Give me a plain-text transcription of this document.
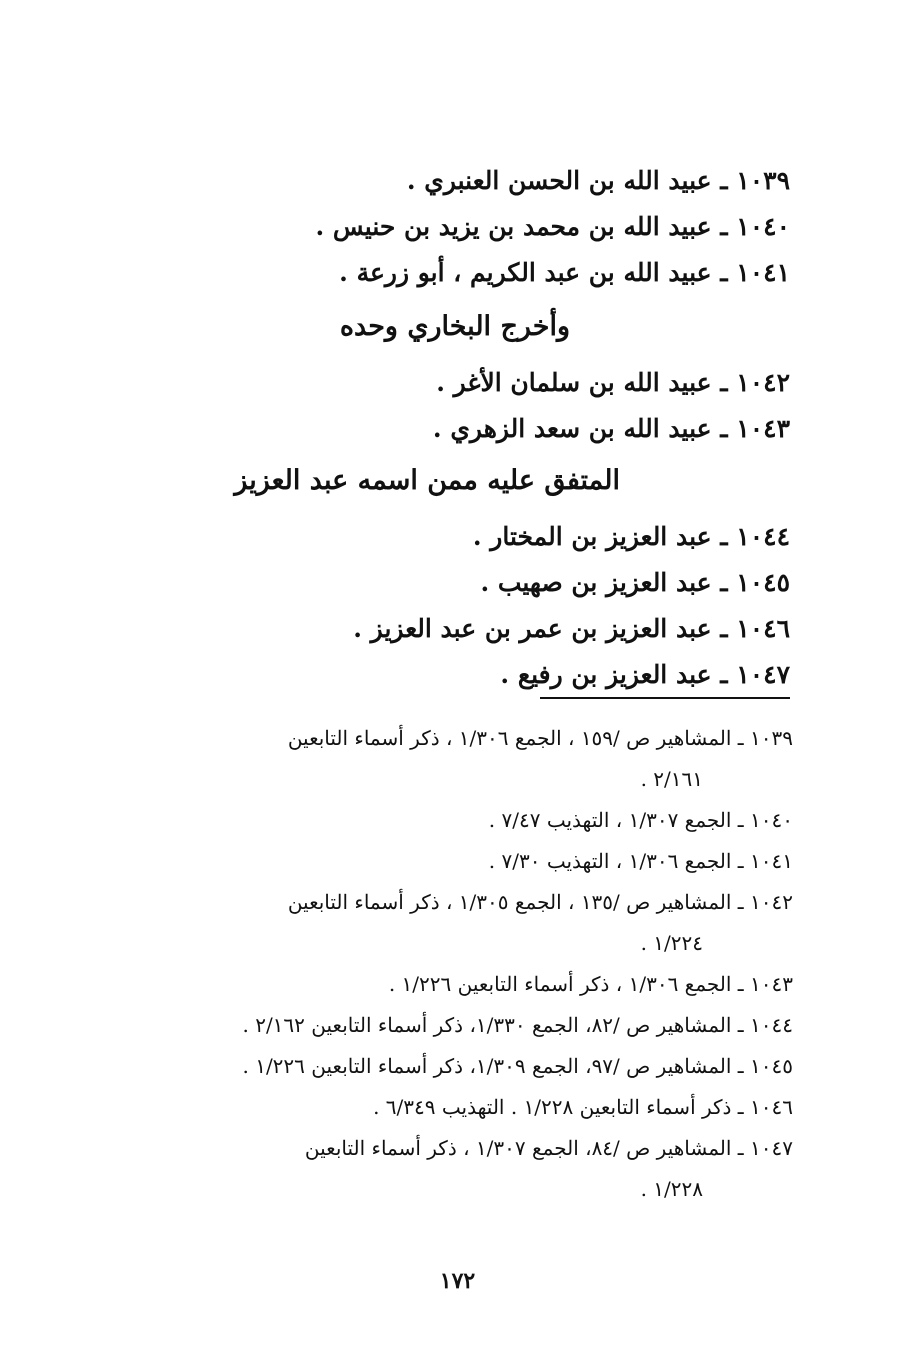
١٠٣٩ ـ عبيد الله بن الحسن العنبري .
١٠٤٠ ـ عبيد الله بن محمد بن يزيد بن حنيس .
١٠٤١ ـ عبيد الله بن عبد الكريم ، أبو زرعة .
وأخرج البخاري وحده
١٠٤٢ ـ عبيد الله بن سلمان الأغر .
١٠٤٣ ـ عبيد الله بن سعد الزهري .
المتفق عليه ممن اسمه عبد العزيز
١٠٤٤ ـ عبد العزيز بن المختار .
١٠٤٥ ـ عبد العزيز بن صهيب .
١٠٤٦ ـ عبد العزيز بن عمر بن عبد العزيز .
١٠٤٧ ـ عبد العزيز بن رفيع .
١٠٣٩ ـ المشاهير ص /١٥٩ ، الجمع ١/٣٠٦ ، ذكر أسماء التابعين
٢/١٦١ .
١٠٤٠ ـ الجمع ١/٣٠٧ ، التهذيب ٧/٤٧ .
١٠٤١ ـ الجمع ١/٣٠٦ ، التهذيب ٧/٣٠ .
١٠٤٢ ـ المشاهير ص /١٣٥ ، الجمع ١/٣٠٥ ، ذكر أسماء التابعين
١/٢٢٤ .
١٠٤٣ ـ الجمع ١/٣٠٦ ، ذكر أسماء التابعين ١/٢٢٦ .
١٠٤٤ ـ المشاهير ص /٨٢، الجمع ١/٣٣٠، ذكر أسماء التابعين ٢/١٦٢ .
١٠٤٥ ـ المشاهير ص /٩٧، الجمع ١/٣٠٩، ذكر أسماء التابعين ١/٢٢٦ .
١٠٤٦ ـ ذكر أسماء التابعين ١/٢٢٨ . التهذيب ٦/٣٤٩ .
١٠٤٧ ـ المشاهير ص /٨٤، الجمع ١/٣٠٧ ، ذكر أسماء التابعين
١/٢٢٨ .
١٧٢
